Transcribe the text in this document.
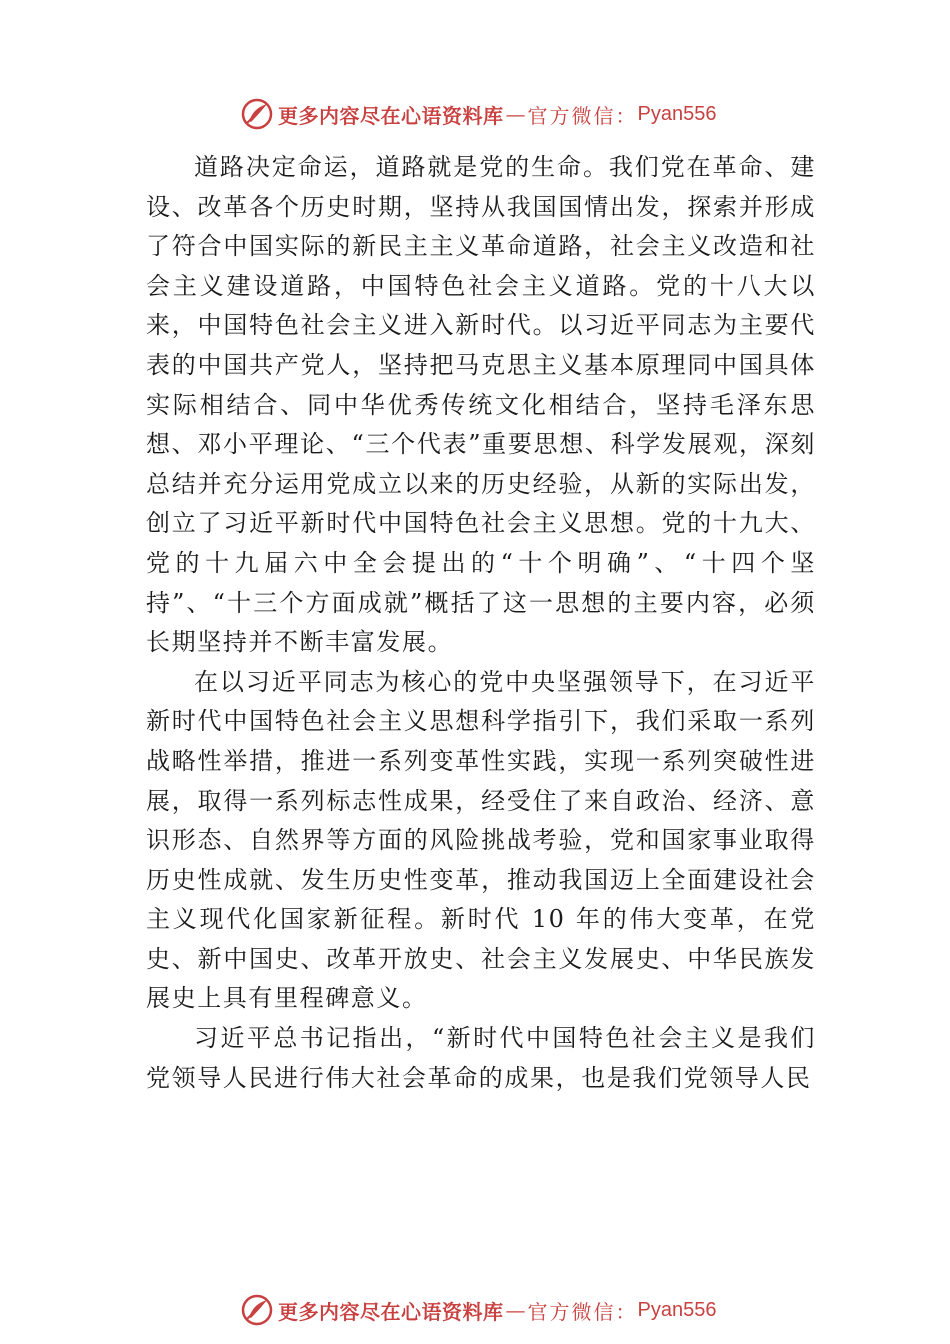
更多内容尽在心语资料库 — 官方微信： Pyan556

道路决定命运，道路就是党的生命。我们党在革命、建设、改革各个历史时期，坚持从我国国情出发，探索并形成了符合中国实际的新民主主义革命道路，社会主义改造和社会主义建设道路，中国特色社会主义道路。党的十八大以来，中国特色社会主义进入新时代。以习近平同志为主要代表的中国共产党人，坚持把马克思主义基本原理同中国具体实际相结合、同中华优秀传统文化相结合，坚持毛泽东思想、邓小平理论、“三个代表”重要思想、科学发展观，深刻总结并充分运用党成立以来的历史经验，从新的实际出发，创立了习近平新时代中国特色社会主义思想。党的十九大、党的十九届六中全会提出的“十个明确”、“十四个坚持”、“十三个方面成就”概括了这一思想的主要内容，必须长期坚持并不断丰富发展。

在以习近平同志为核心的党中央坚强领导下，在习近平新时代中国特色社会主义思想科学指引下，我们采取一系列战略性举措，推进一系列变革性实践，实现一系列突破性进展，取得一系列标志性成果，经受住了来自政治、经济、意识形态、自然界等方面的风险挑战考验，党和国家事业取得历史性成就、发生历史性变革，推动我国迈上全面建设社会主义现代化国家新征程。新时代 10 年的伟大变革，在党史、新中国史、改革开放史、社会主义发展史、中华民族发展史上具有里程碑意义。

习近平总书记指出，“新时代中国特色社会主义是我们党领导人民进行伟大社会革命的成果，也是我们党领导人民

更多内容尽在心语资料库 — 官方微信： Pyan556
